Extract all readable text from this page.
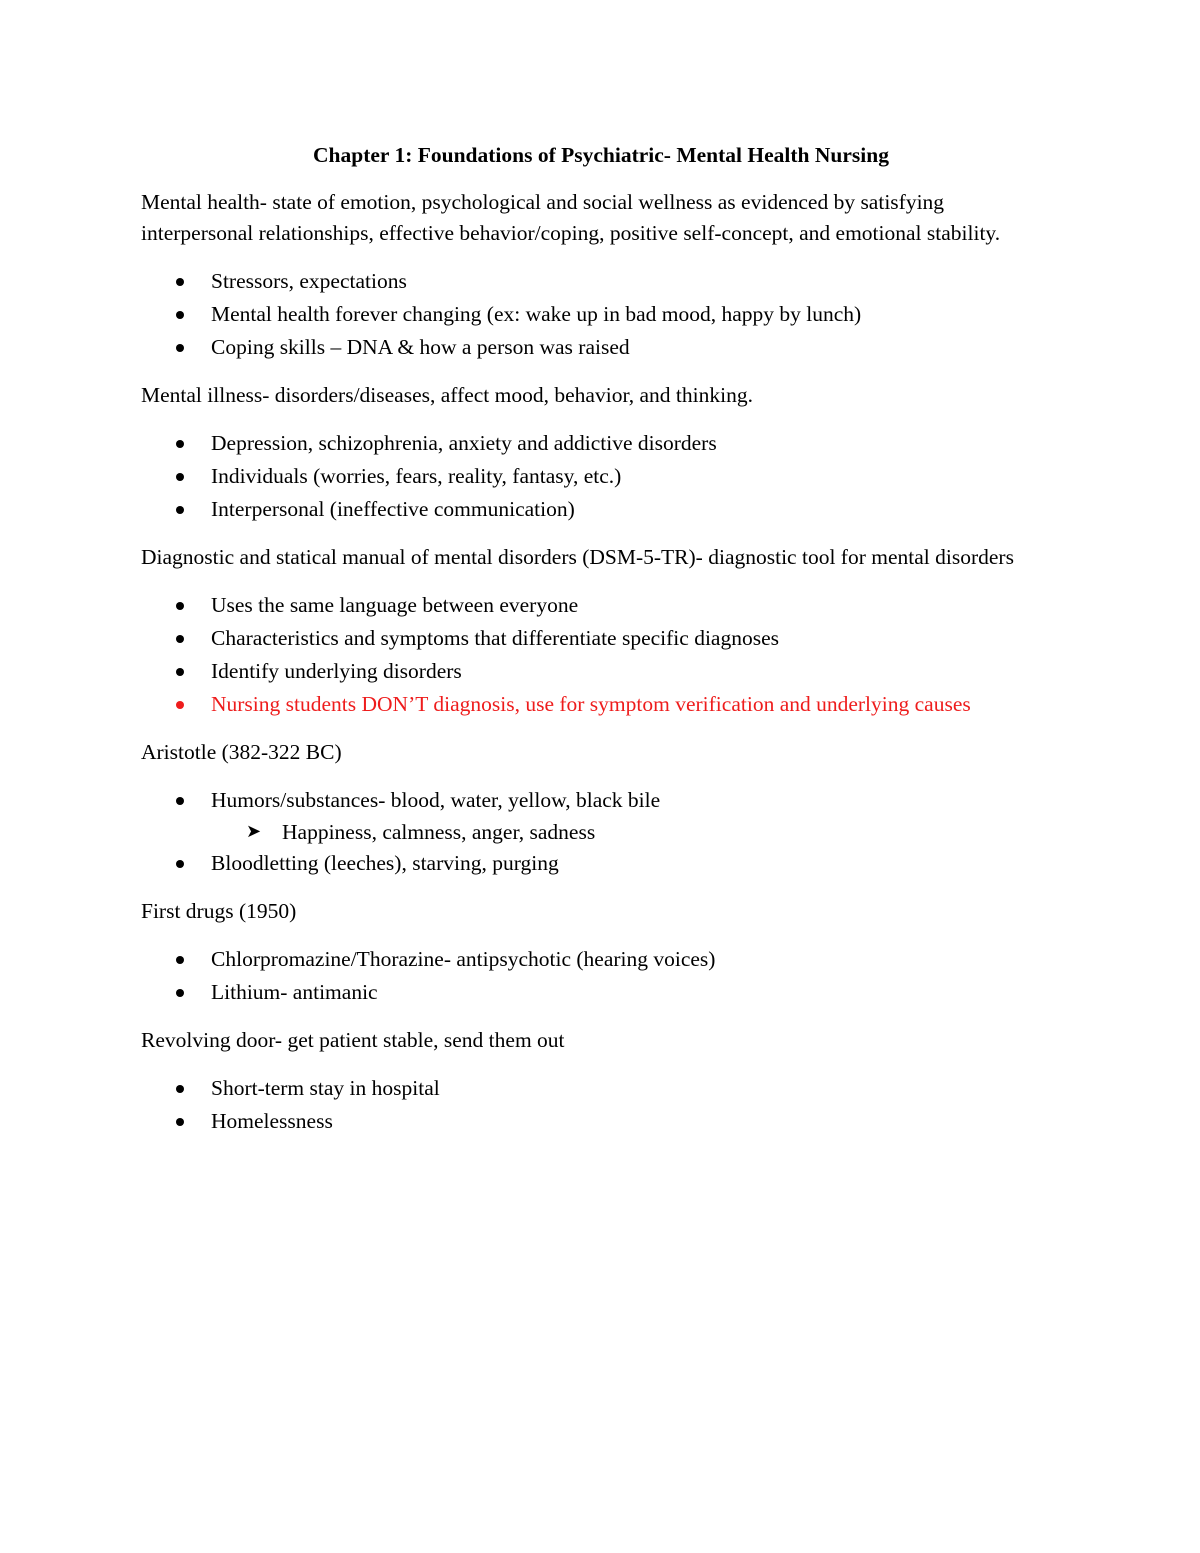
Chapter 1: Foundations of Psychiatric- Mental Health Nursing
Mental health- state of emotion, psychological and social wellness as evidenced by satisfying interpersonal relationships, effective behavior/coping, positive self-concept, and emotional stability.
Stressors, expectations
Mental health forever changing (ex: wake up in bad mood, happy by lunch)
Coping skills – DNA & how a person was raised
Mental illness- disorders/diseases, affect mood, behavior, and thinking.
Depression, schizophrenia, anxiety and addictive disorders
Individuals (worries, fears, reality, fantasy, etc.)
Interpersonal (ineffective communication)
Diagnostic and statical manual of mental disorders (DSM-5-TR)- diagnostic tool for mental disorders
Uses the same language between everyone
Characteristics and symptoms that differentiate specific diagnoses
Identify underlying disorders
Nursing students DON’T diagnosis, use for symptom verification and underlying causes
Aristotle (382-322 BC)
Humors/substances- blood, water, yellow, black bile
➤ Happiness, calmness, anger, sadness
Bloodletting (leeches), starving, purging
First drugs (1950)
Chlorpromazine/Thorazine- antipsychotic (hearing voices)
Lithium- antimanic
Revolving door- get patient stable, send them out
Short-term stay in hospital
Homelessness
